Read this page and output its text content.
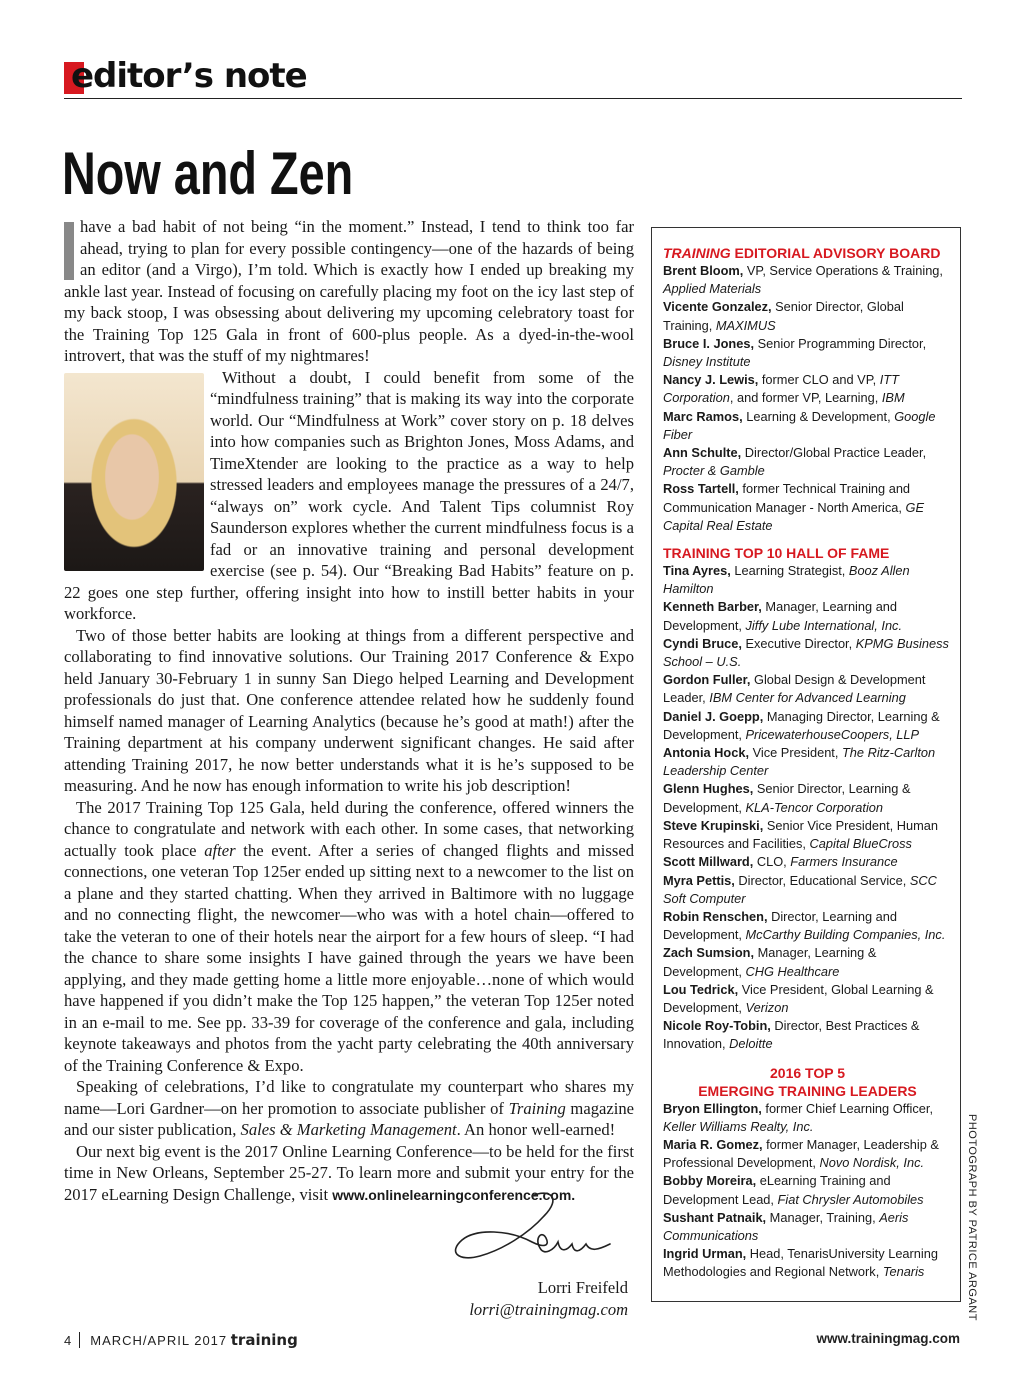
editor’s note
Now and Zen

have a bad habit of not being “in the moment.” Instead, I tend to think too far ahead, trying to plan for every possible contingency—one of the hazards of being an editor (and a Virgo), I’m told. Which is exactly how I ended up breaking my ankle last year. Instead of focusing on carefully placing my foot on the icy last step of my back stoop, I was obsessing about delivering my upcoming celebratory toast for the Training Top 125 Gala in front of 600-plus people. As a dyed-in-the-wool introvert, that was the stuff of my nightmares!

Without a doubt, I could benefit from some of the “mindfulness training” that is making its way into the corporate world. Our “Mindfulness at Work” cover story on p. 18 delves into how companies such as Brighton Jones, Moss Adams, and TimeXtender are looking to the practice as a way to help stressed leaders and employees manage the pressures of a 24/7, “always on” work cycle. And Talent Tips columnist Roy Saunderson explores whether the current mindfulness focus is a fad or an innovative training and personal development exercise (see p. 54). Our “Breaking Bad Habits” feature on p. 22 goes one step further, offering insight into how to instill better habits in your workforce.

Two of those better habits are looking at things from a different perspective and collaborating to find innovative solutions. Our Training 2017 Conference & Expo held January 30-February 1 in sunny San Diego helped Learning and Development professionals do just that. One conference attendee related how he suddenly found himself named manager of Learning Analytics (because he’s good at math!) after the Training department at his company underwent significant changes. He said after attending Training 2017, he now better understands what it is he’s supposed to be measuring. And he now has enough information to write his job description!

The 2017 Training Top 125 Gala, held during the conference, offered winners the chance to congratulate and network with each other. In some cases, that networking actually took place after the event. After a series of changed flights and missed connections, one veteran Top 125er ended up sitting next to a newcomer to the list on a plane and they started chatting. When they arrived in Baltimore with no luggage and no connecting flight, the newcomer—who was with a hotel chain—offered to take the veteran to one of their hotels near the airport for a few hours of sleep. “I had the chance to share some insights I have gained through the years we have been applying, and they made getting home a little more enjoyable…none of which would have happened if you didn’t make the Top 125 happen,” the veteran Top 125er noted in an e-mail to me. See pp. 33-39 for coverage of the conference and gala, including keynote takeaways and photos from the yacht party celebrating the 40th anniversary of the Training Conference & Expo.

Speaking of celebrations, I’d like to congratulate my counterpart who shares my name—Lori Gardner—on her promotion to associate publisher of Training magazine and our sister publication, Sales & Marketing Management. An honor well-earned!

Our next big event is the 2017 Online Learning Conference—to be held for the first time in New Orleans, September 25-27. To learn more and submit your entry for the 2017 eLearning Design Challenge, visit www.onlinelearningconference.com.

Lorri Freifeld
lorri@trainingmag.com

TRAINING EDITORIAL ADVISORY BOARD

Brent Bloom, VP, Service Operations & Training, Applied Materials

Vicente Gonzalez, Senior Director, Global Training, MAXIMUS

Bruce I. Jones, Senior Programming Director, Disney Institute

Nancy J. Lewis, former CLO and VP, ITT Corporation, and former VP, Learning, IBM

Marc Ramos, Learning & Development, Google Fiber

Ann Schulte, Director/Global Practice Leader, Procter & Gamble

Ross Tartell, former Technical Training and Communication Manager - North America, GE Capital Real Estate

TRAINING TOP 10 HALL OF FAME

Tina Ayres, Learning Strategist, Booz Allen Hamilton

Kenneth Barber, Manager, Learning and Development, Jiffy Lube International, Inc.

Cyndi Bruce, Executive Director, KPMG Business School – U.S.

Gordon Fuller, Global Design & Development Leader, IBM Center for Advanced Learning

Daniel J. Goepp, Managing Director, Learning & Development, PricewaterhouseCoopers, LLP

Antonia Hock, Vice President, The Ritz-Carlton Leadership Center

Glenn Hughes, Senior Director, Learning & Development, KLA-Tencor Corporation

Steve Krupinski, Senior Vice President, Human Resources and Facilities, Capital BlueCross

Scott Millward, CLO, Farmers Insurance

Myra Pettis, Director, Educational Service, SCC Soft Computer

Robin Renschen, Director, Learning and Development, McCarthy Building Companies, Inc.

Zach Sumsion, Manager, Learning & Development, CHG Healthcare

Lou Tedrick, Vice President, Global Learning & Development, Verizon

Nicole Roy-Tobin, Director, Best Practices & Innovation, Deloitte

2016 TOP 5
EMERGING TRAINING LEADERS

Bryon Ellington, former Chief Learning Officer, Keller Williams Realty, Inc.

Maria R. Gomez, former Manager, Leadership & Professional Development, Novo Nordisk, Inc.

Bobby Moreira, eLearning Training and Development Lead, Fiat Chrysler Automobiles

Sushant Patnaik, Manager, Training, Aeris Communications

Ingrid Urman, Head, TenarisUniversity Learning Methodologies and Regional Network, Tenaris	PHOTOGRAPH BY PATRICE ARGANT
4 MARCH/APRIL 2017 training	www.trainingmag.com
